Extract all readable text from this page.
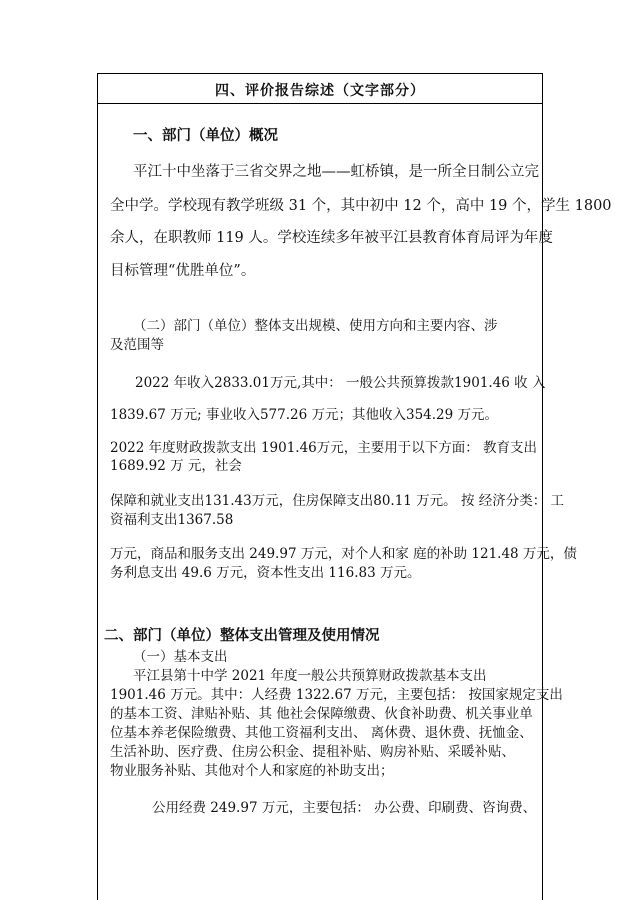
四、评价报告综述（文字部分）
一、部门（单位）概况
平江十中坐落于三省交界之地——虹桥镇，是一所全日制公立完
全中学。学校现有教学班级 31 个，其中初中 12 个，高中 19 个，学生 1800
余人，在职教师 119 人。学校连续多年被平江县教育体育局评为年度
目标管理“优胜单位”。
（二）部门（单位）整体支出规模、使用方向和主要内容、涉
及范围等
2022 年收入2833.01万元,其中： 一般公共预算拨款1901.46 收 入
1839.67 万元; 事业收入577.26 万元；其他收入354.29 万元。
2022 年度财政拨款支出 1901.46万元，主要用于以下方面： 教育支出
1689.92 万 元，社会
保障和就业支出131.43万元，住房保障支出80.11 万元。 按 经济分类： 工
资福利支出1367.58
万元，商品和服务支出 249.97 万元，对个人和家 庭的补助 121.48 万元，债
务利息支出 49.6 万元，资本性支出 116.83 万元。
二、部门（单位）整体支出管理及使用情况
（一）基本支出
平江县第十中学 2021 年度一般公共预算财政拨款基本支出
1901.46 万元。其中：人经费 1322.67 万元，主要包括： 按国家规定支出
的基本工资、津贴补贴、其 他社会保障缴费、伙食补助费、机关事业单
位基本养老保险缴费、其他工资福利支出、 离休费、退休费、抚恤金、
生活补助、医疗费、住房公积金、提租补贴、购房补贴、采暖补贴、
物业服务补贴、其他对个人和家庭的补助支出；
公用经费 249.97 万元，主要包括： 办公费、印刷费、咨询费、
